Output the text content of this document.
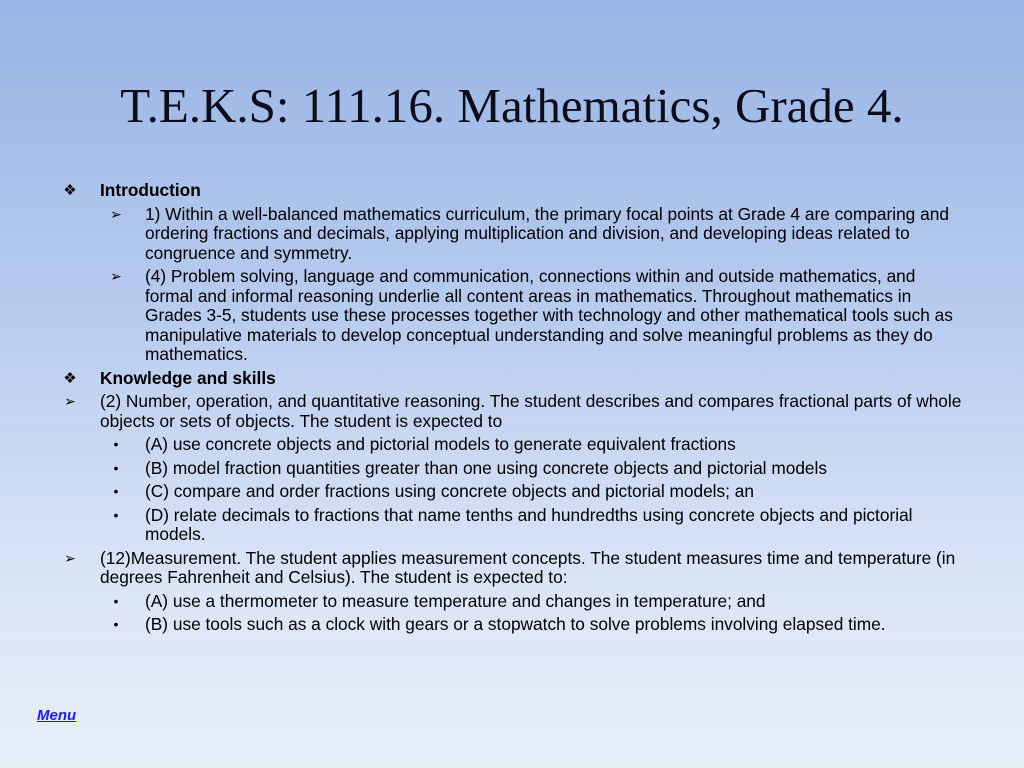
T.E.K.S: 111.16. Mathematics, Grade 4.
❖ Introduction
➢ 1) Within a well-balanced mathematics curriculum, the primary focal points at Grade 4 are comparing and ordering fractions and decimals, applying multiplication and division, and developing ideas related to congruence and symmetry.
➢ (4) Problem solving, language and communication, connections within and outside mathematics, and formal and informal reasoning underlie all content areas in mathematics. Throughout mathematics in Grades 3-5, students use these processes together with technology and other mathematical tools such as manipulative materials to develop conceptual understanding and solve meaningful problems as they do mathematics.
❖ Knowledge and skills
➢ (2) Number, operation, and quantitative reasoning. The student describes and compares fractional parts of whole objects or sets of objects. The student is expected to
•	(A) use concrete objects and pictorial models to generate equivalent fractions
•	(B) model fraction quantities greater than one using concrete objects and pictorial models
•	(C) compare and order fractions using concrete objects and pictorial models; an
•	(D) relate decimals to fractions that name tenths and hundredths using concrete objects and pictorial models.
➢ (12)Measurement. The student applies measurement concepts. The student measures time and temperature (in degrees Fahrenheit and Celsius). The student is expected to:
•	(A) use a thermometer to measure temperature and changes in temperature; and
•	(B) use tools such as a clock with gears or a stopwatch to solve problems involving elapsed time.
Menu
